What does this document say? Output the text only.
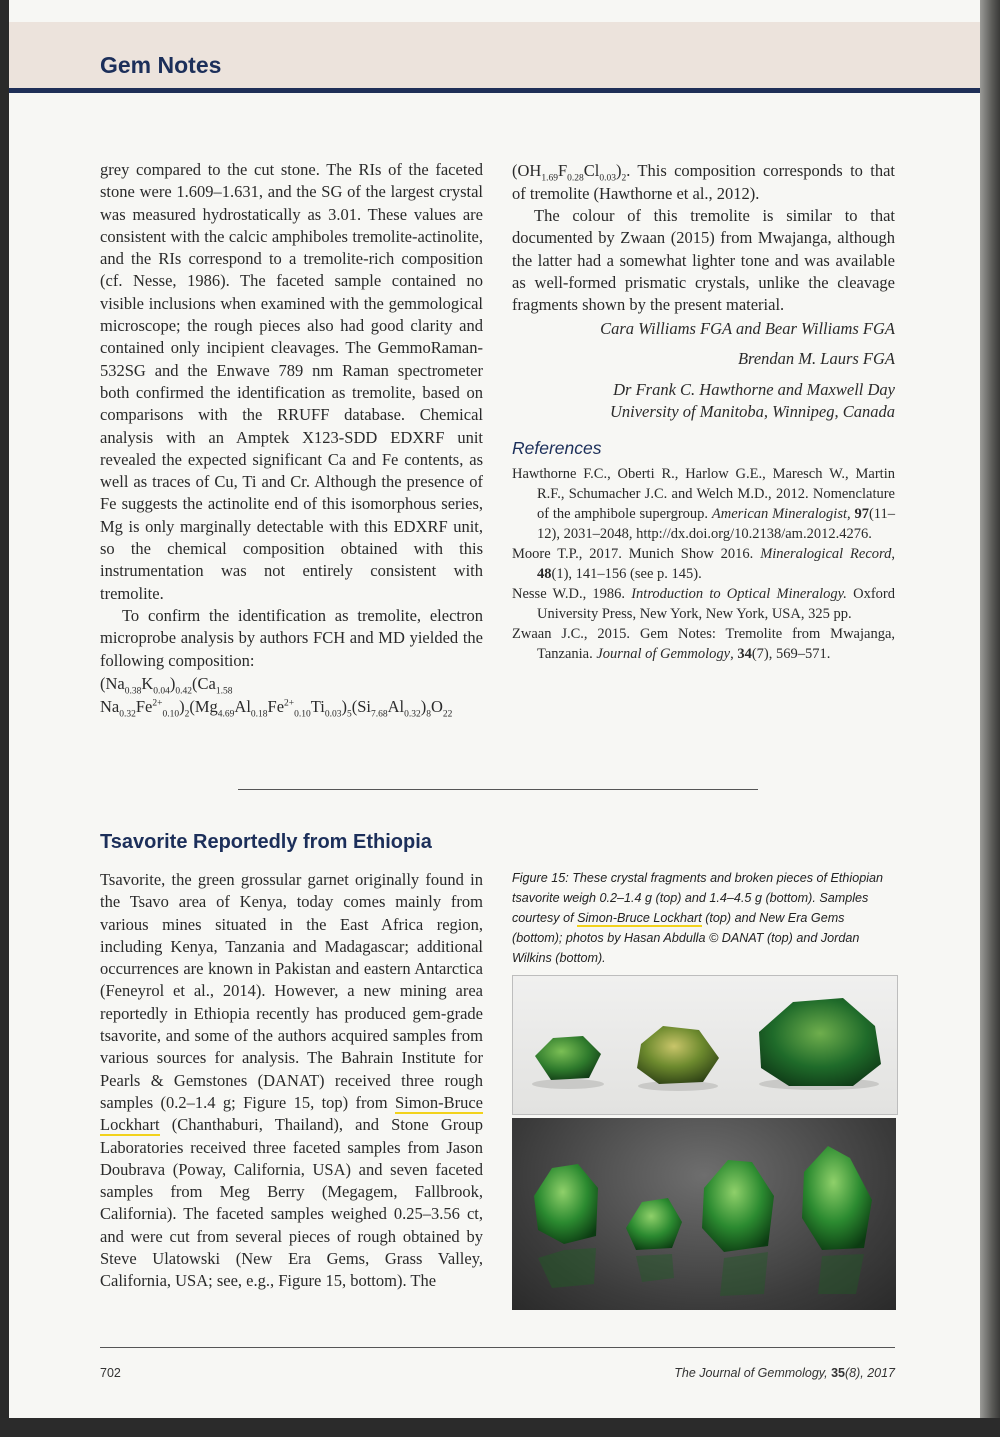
Gem Notes

grey compared to the cut stone. The RIs of the faceted stone were 1.609–1.631, and the SG of the largest crystal was measured hydrostatically as 3.01. These values are consistent with the calcic amphiboles tremolite-actinolite, and the RIs correspond to a tremolite-rich composition (cf. Nesse, 1986). The faceted sample contained no visible inclusions when examined with the gemmological microscope; the rough pieces also had good clarity and contained only incipient cleavages. The GemmoRaman-532SG and the Enwave 789 nm Raman spectrometer both confirmed the identification as tremolite, based on comparisons with the RRUFF database. Chemical analysis with an Amptek X123-SDD EDXRF unit revealed the expected significant Ca and Fe contents, as well as traces of Cu, Ti and Cr. Although the presence of Fe suggests the actinolite end of this isomorphous series, Mg is only marginally detectable with this EDXRF unit, so the chemical composition obtained with this instrumentation was not entirely consistent with tremolite.

To confirm the identification as tremolite, electron microprobe analysis by authors FCH and MD yielded the following composition:

$(Na_{0.38}K_{0.04})_{0.42}(Ca_{1.58}$

$Na_{0.32}Fe^{2+}_{0.10})_2(Mg_{4.69}Al_{0.18}Fe^{2+}_{0.10}Ti_{0.03})_5(Si_{7.68}Al_{0.32})_8O_{22}$

$(OH_{1.69}F_{0.28}Cl_{0.03})_2$. This composition corresponds to that of tremolite (Hawthorne et al., 2012).

The colour of this tremolite is similar to that documented by Zwaan (2015) from Mwajanga, although the latter had a somewhat lighter tone and was available as well-formed prismatic crystals, unlike the cleavage fragments shown by the present material.

Cara Williams FGA and Bear Williams FGA
Brendan M. Laurs FGA
Dr Frank C. Hawthorne and Maxwell Day
University of Manitoba, Winnipeg, Canada
References

Hawthorne F.C., Oberti R., Harlow G.E., Maresch W., Martin R.F., Schumacher J.C. and Welch M.D., 2012. Nomenclature of the amphibole supergroup. American Mineralogist, 97(11–12), 2031–2048, http://dx.doi.org/10.2138/am.2012.4276.

Moore T.P., 2017. Munich Show 2016. Mineralogical Record, 48(1), 141–156 (see p. 145).

Nesse W.D., 1986. Introduction to Optical Mineralogy. Oxford University Press, New York, New York, USA, 325 pp.

Zwaan J.C., 2015. Gem Notes: Tremolite from Mwajanga, Tanzania. Journal of Gemmology, 34(7), 569–571.

Tsavorite Reportedly from Ethiopia

Tsavorite, the green grossular garnet originally found in the Tsavo area of Kenya, today comes mainly from various mines situated in the East Africa region, including Kenya, Tanzania and Madagascar; additional occurrences are known in Pakistan and eastern Antarctica (Feneyrol et al., 2014). However, a new mining area reportedly in Ethiopia recently has produced gem-grade tsavorite, and some of the authors acquired samples from various sources for analysis. The Bahrain Institute for Pearls & Gemstones (DANAT) received three rough samples (0.2–1.4 g; Figure 15, top) from Simon-Bruce Lockhart (Chanthaburi, Thailand), and Stone Group Laboratories received three faceted samples from Jason Doubrava (Poway, California, USA) and seven faceted samples from Meg Berry (Megagem, Fallbrook, California). The faceted samples weighed 0.25–3.56 ct, and were cut from several pieces of rough obtained by Steve Ulatowski (New Era Gems, Grass Valley, California, USA; see, e.g., Figure 15, bottom). The

Figure 15: These crystal fragments and broken pieces of Ethiopian tsavorite weigh 0.2–1.4 g (top) and 1.4–4.5 g (bottom). Samples courtesy of Simon-Bruce Lockhart (top) and New Era Gems (bottom); photos by Hasan Abdulla © DANAT (top) and Jordan Wilkins (bottom).
702	The Journal of Gemmology, 35(8), 2017
